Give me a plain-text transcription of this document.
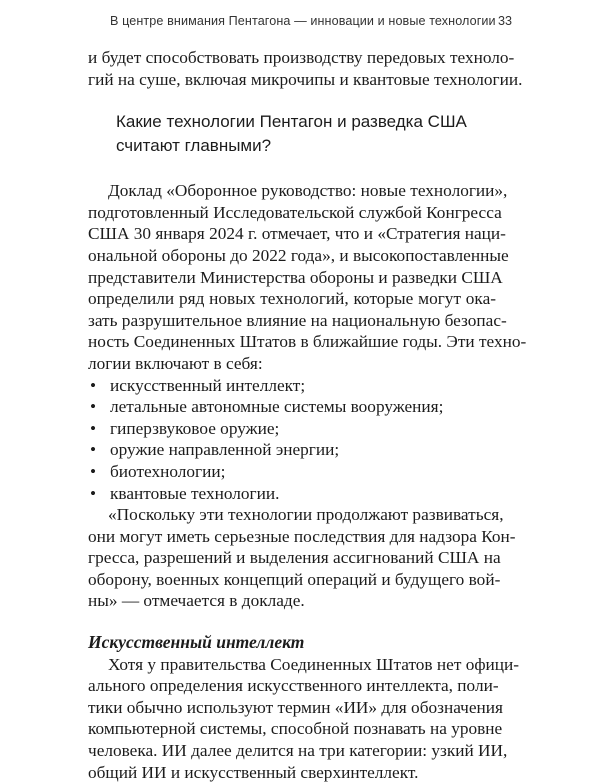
В центре внимания Пентагона — инновации и новые технологии 33
и будет способствовать производству передовых техноло-
гий на суше, включая микрочипы и квантовые технологии.
Какие технологии Пентагон и разведка США
считают главными?
Доклад «Оборонное руководство: новые технологии»,
подготовленный Исследовательской службой Конгресса
США 30 января 2024 г. отмечает, что и «Стратегия наци-
ональной обороны до 2022 года», и высокопоставленные
представители Министерства обороны и разведки США
определили ряд новых технологий, которые могут ока-
зать разрушительное влияние на национальную безопас-
ность Соединенных Штатов в ближайшие годы. Эти техно-
логии включают в себя:
• искусственный интеллект;
• летальные автономные системы вооружения;
• гиперзвуковое оружие;
• оружие направленной энергии;
• биотехнологии;
• квантовые технологии.
«Поскольку эти технологии продолжают развиваться,
они могут иметь серьезные последствия для надзора Кон-
гресса, разрешений и выделения ассигнований США на
оборону, военных концепций операций и будущего вой-
ны» — отмечается в докладе.
Искусственный интеллект
Хотя у правительства Соединенных Штатов нет офици-
ального определения искусственного интеллекта, поли-
тики обычно используют термин «ИИ» для обозначения
компьютерной системы, способной познавать на уровне
человека. ИИ далее делится на три категории: узкий ИИ,
общий ИИ и искусственный сверхинтеллект.
